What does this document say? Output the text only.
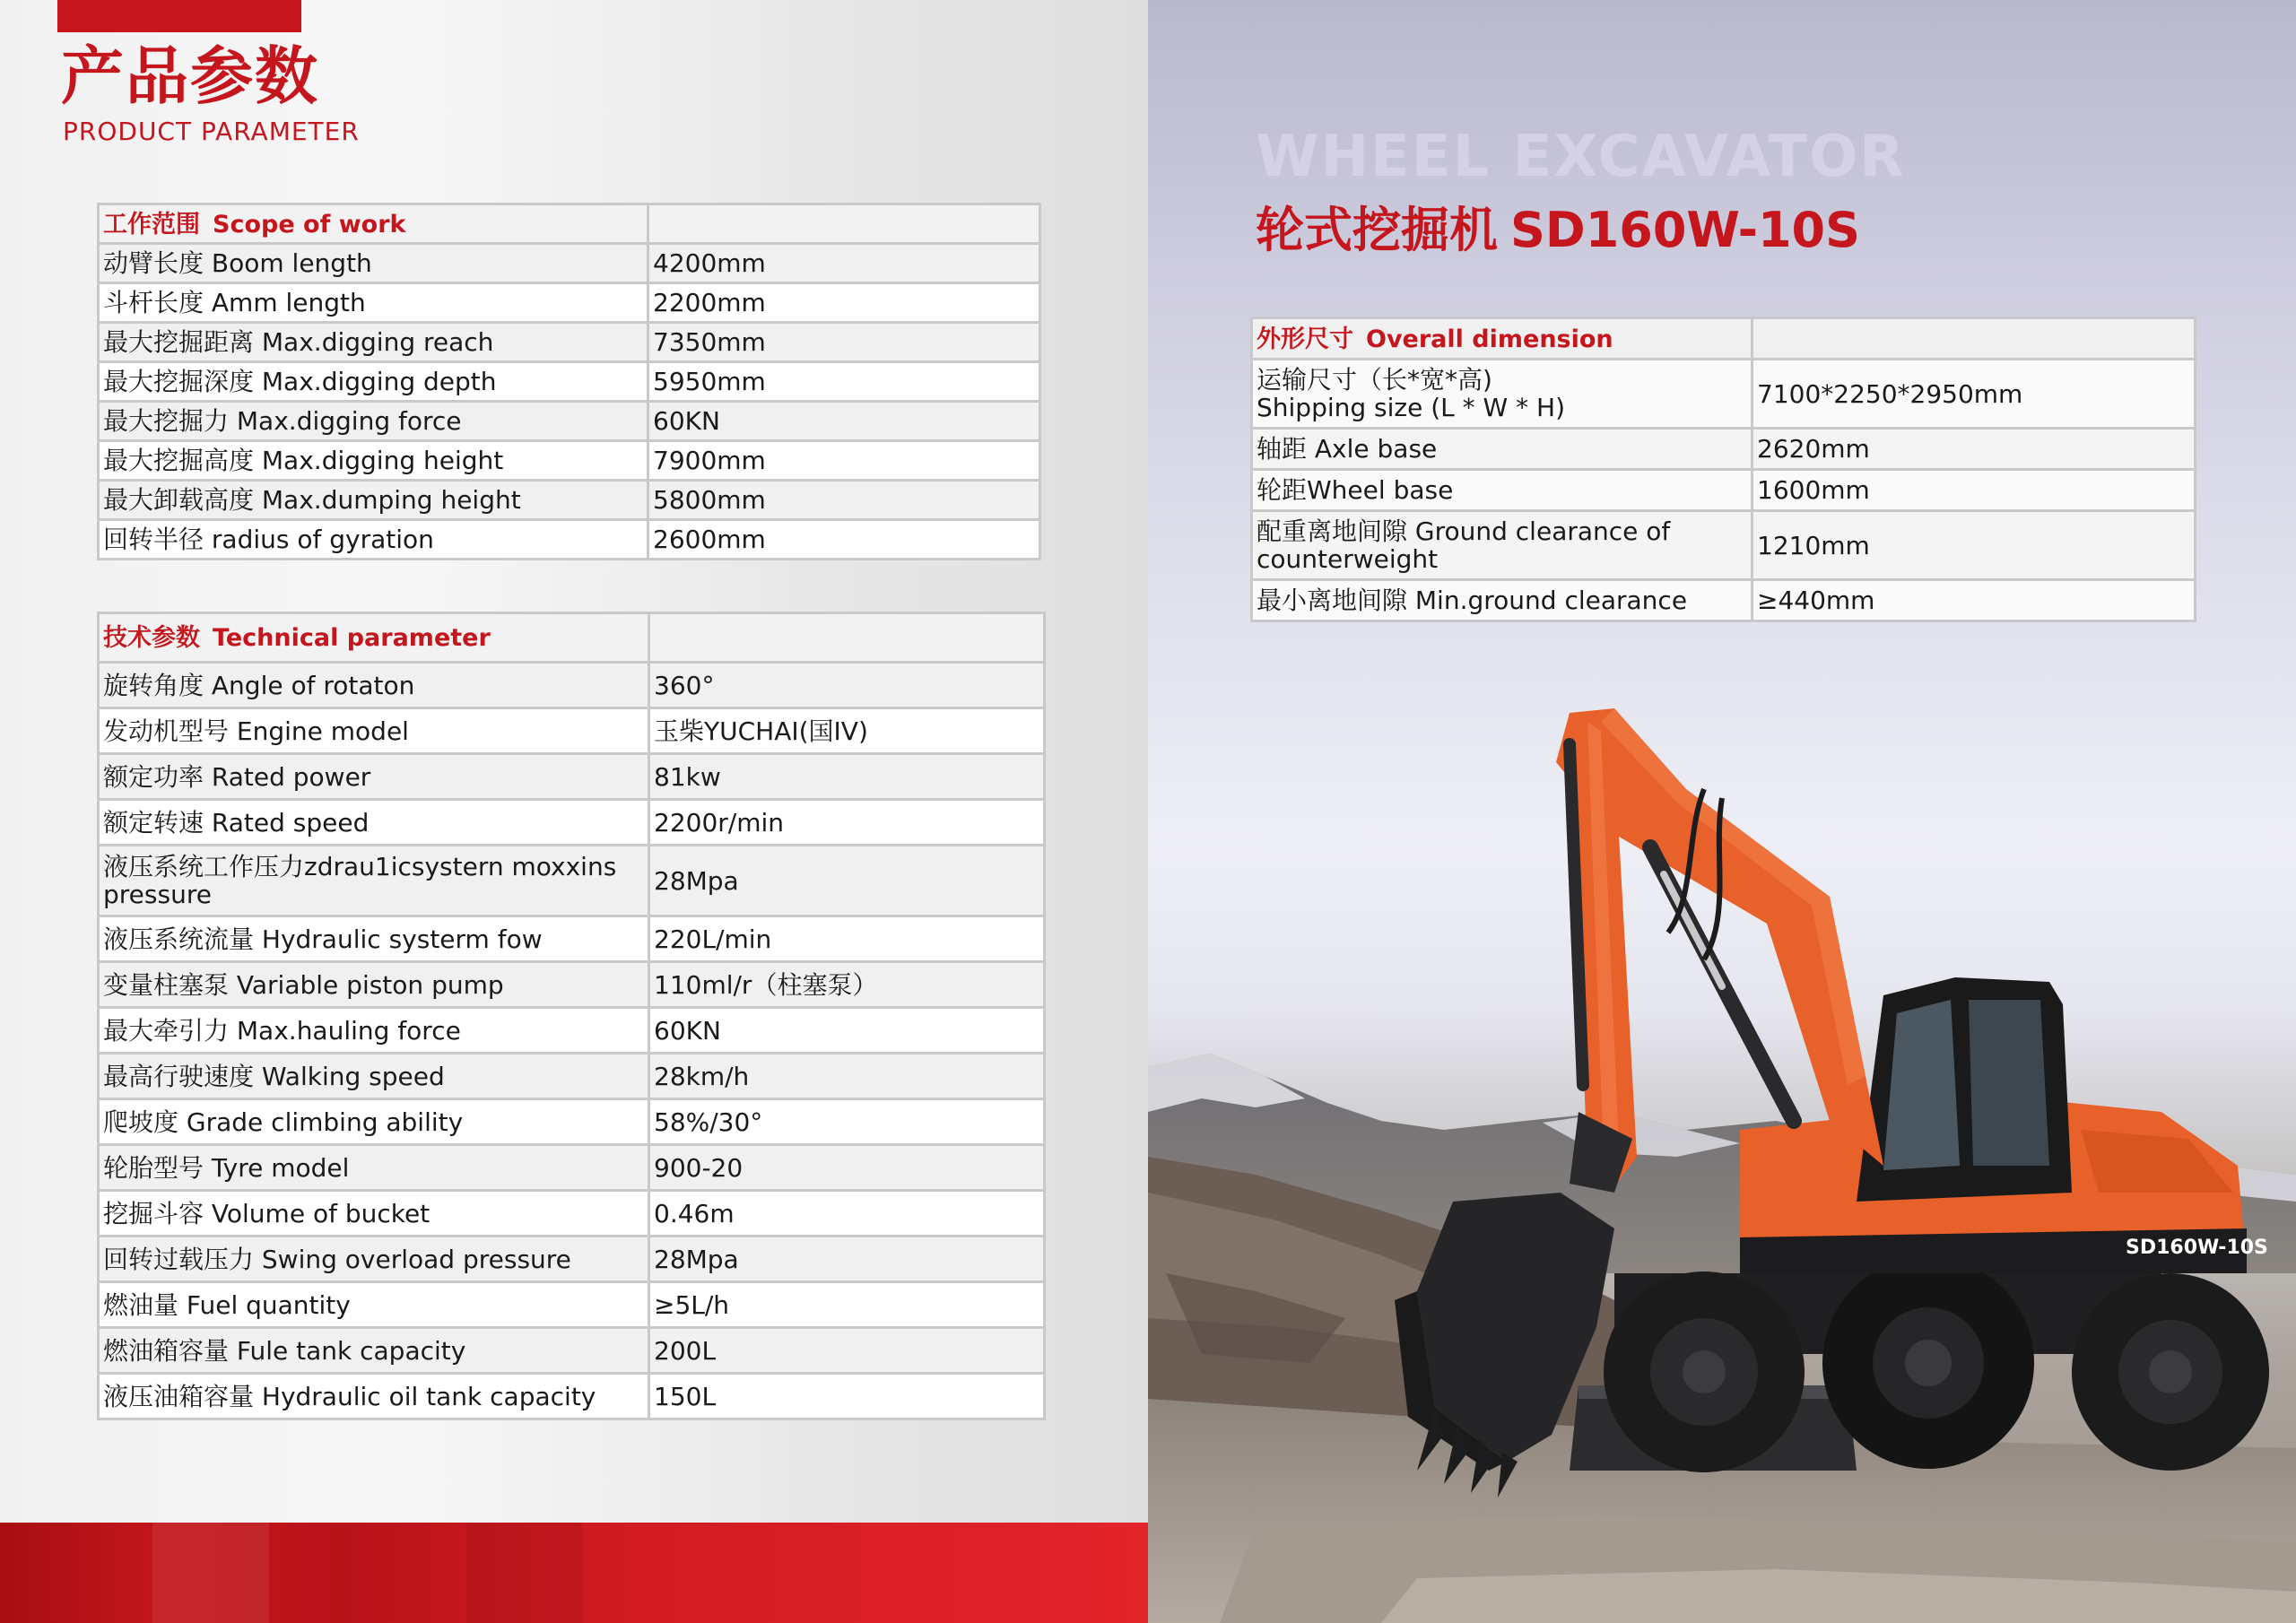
产品参数
PRODUCT PARAMETER
工作范围 Scope of work	
动臂长度 Boom length	4200mm
斗杆长度 Amm length	2200mm
最大挖掘距离 Max.digging reach	7350mm
最大挖掘深度 Max.digging depth	5950mm
最大挖掘力 Max.digging force	60KN
最大挖掘高度 Max.digging height	7900mm
最大卸载高度 Max.dumping height	5800mm
回转半径 radius of gyration	2600mm
技术参数 Technical parameter	
旋转角度 Angle of rotaton	360°
发动机型号 Engine model	玉柴YUCHAI(国IV)
额定功率 Rated power	81kw
额定转速 Rated speed	2200r/min
液压系统工作压力zdrau1icsystern moxxins
pressure	28Mpa
液压系统流量 Hydraulic systerm fow	220L/min
变量柱塞泵 Variable piston pump	110ml/r（柱塞泵）
最大牵引力 Max.hauling force	60KN
最高行驶速度 Walking speed	28km/h
爬坡度 Grade climbing ability	58%/30°
轮胎型号 Tyre model	900-20
挖掘斗容 Volume of bucket	0.46m
回转过载压力 Swing overload pressure	28Mpa
燃油量 Fuel quantity	≥5L/h
燃油箱容量 Fule tank capacity	200L
液压油箱容量 Hydraulic oil tank capacity	150L
SD160W-10S
WHEEL EXCAVATOR
轮式挖掘机 SD160W-10S
外形尺寸 Overall dimension	
运输尺寸（长*宽*高)
Shipping size (L * W * H)	7100*2250*2950mm
轴距 Axle base	2620mm
轮距Wheel base	1600mm
配重离地间隙 Ground clearance of
counterweight	1210mm
最小离地间隙 Min.ground clearance	≥440mm
